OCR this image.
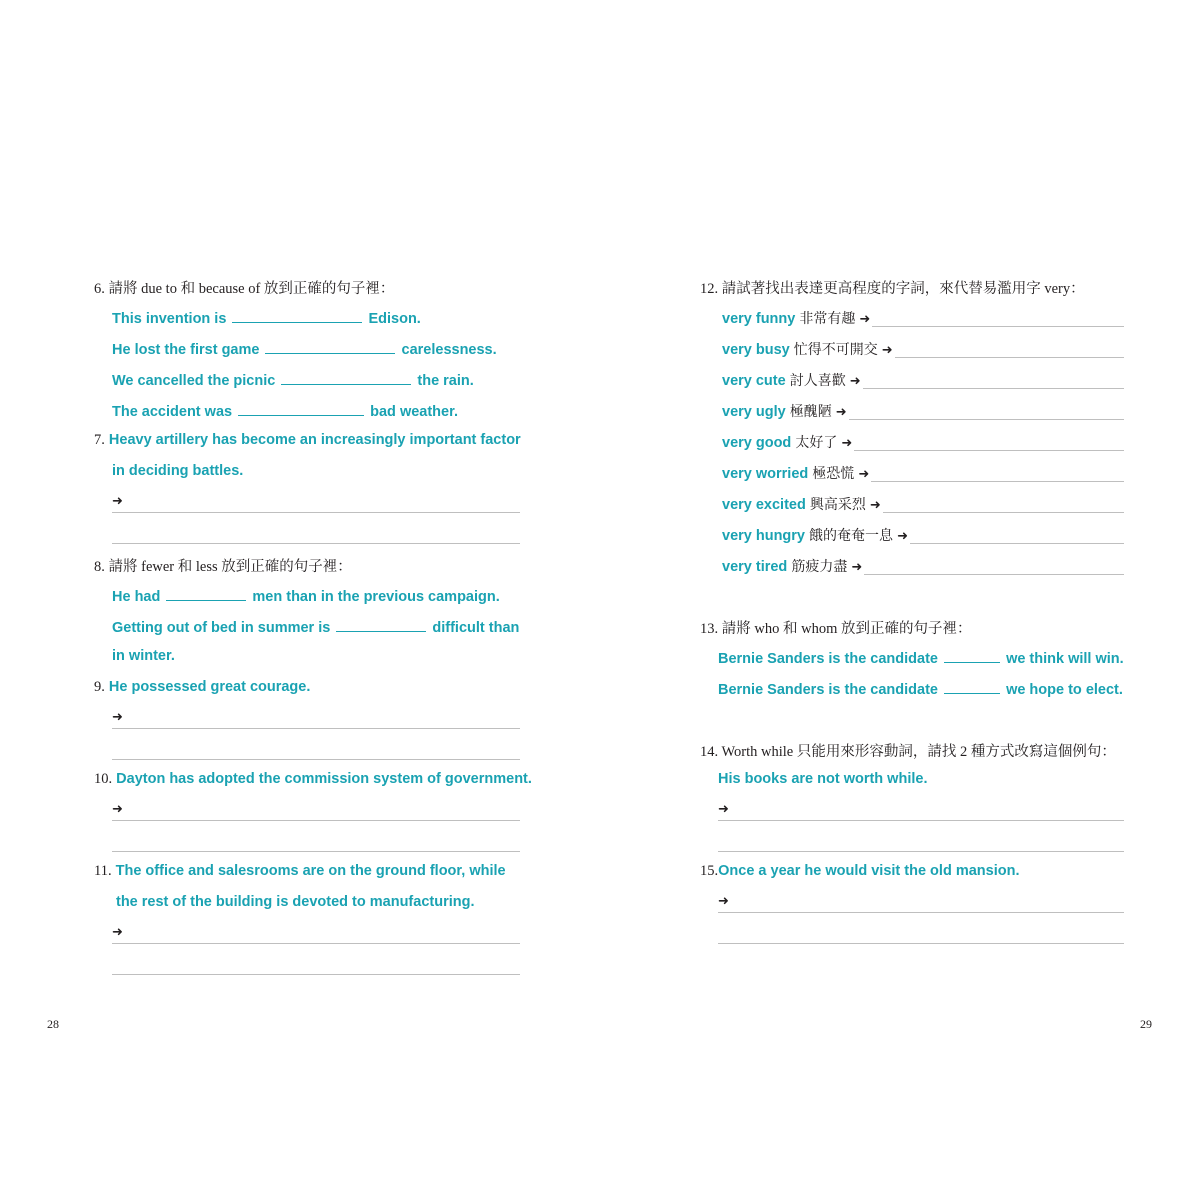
6. 請將 due to 和 because of 放到正確的句子裡：
This invention is	Edison.
He lost the first game	carelessness.
We cancelled the picnic	the rain.
The accident was	bad weather.
7. Heavy artillery has become an increasingly important factor
in deciding battles.
➜
8. 請將 fewer 和 less 放到正確的句子裡：
He had	men than in the previous campaign.
Getting out of bed in summer is	difficult than
in winter.
9. He possessed great courage.
➜
10. Dayton has adopted the commission system of government.
➜
11. The office and salesrooms are on the ground floor, while
the rest of the building is devoted to manufacturing.
➜
28
12. 請試著找出表達更高程度的字詞，來代替易濫用字 very：
very funny 非常有趣 ➜
very busy 忙得不可開交 ➜
very cute 討人喜歡 ➜
very ugly 極醜陋 ➜
very good 太好了 ➜
very worried 極恐慌 ➜
very excited 興高采烈 ➜
very hungry 餓的奄奄一息 ➜
very tired 筋疲力盡 ➜
13. 請將 who 和 whom 放到正確的句子裡：
Bernie Sanders is the candidate	we think will win.
Bernie Sanders is the candidate	we hope to elect.
14. Worth while 只能用來形容動詞，請找 2 種方式改寫這個例句：
His books are not worth while.
➜
15.Once a year he would visit the old mansion.
➜
29
